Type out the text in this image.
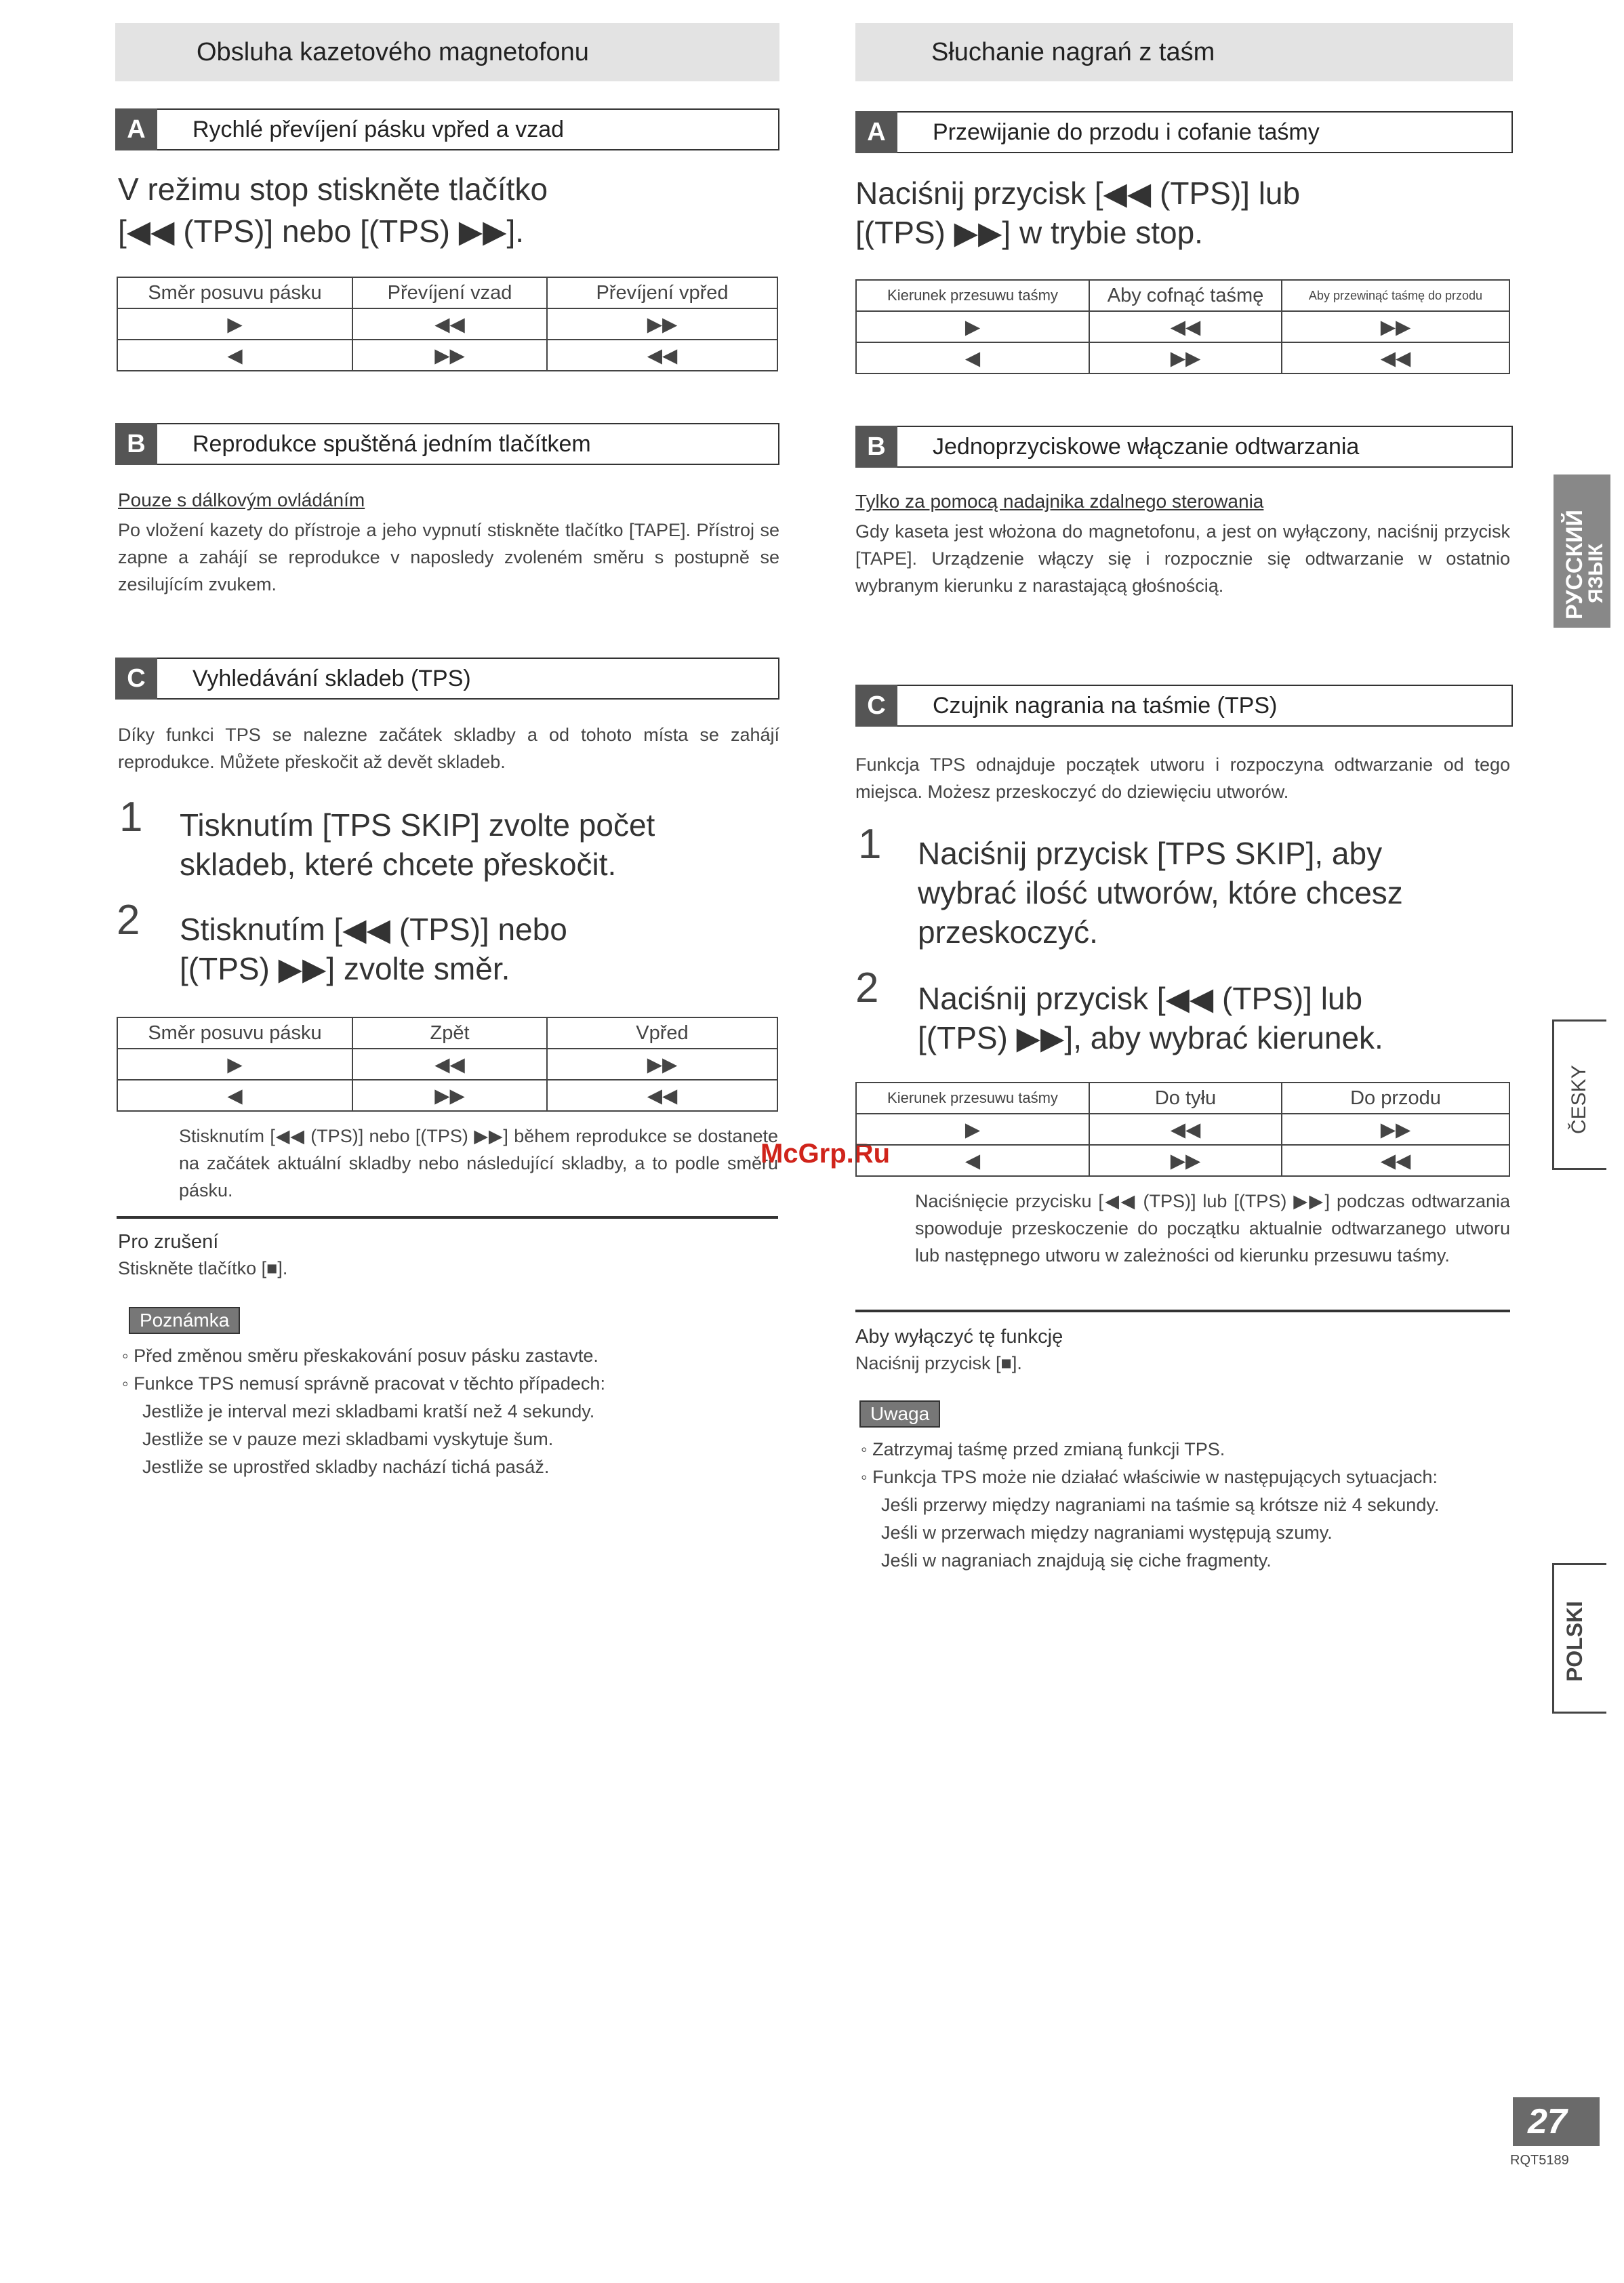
Obsluha kazetového magnetofonu
A	Rychlé převíjení pásku vpřed a vzad
V režimu stop stiskněte tlačítko
[◀◀ (TPS)] nebo [(TPS) ▶▶].
Směr posuvu pásku	Převíjení vzad	Převíjení vpřed
▶	◀◀	▶▶
◀	▶▶	◀◀
B	Reprodukce spuštěná jedním tlačítkem
Pouze s dálkovým ovládáním
Po vložení kazety do přístroje a jeho vypnutí stiskněte tlačítko [TAPE]. Přístroj se zapne a zahájí se reprodukce v naposledy zvoleném směru s postupně se zesilujícím zvukem.
C	Vyhledávání skladeb (TPS)
Díky funkci TPS se nalezne začátek skladby a od tohoto místa se zahájí reprodukce. Můžete přeskočit až devět skladeb.
1 Tisknutím [TPS SKIP] zvolte počet
skladeb, které chcete přeskočit.
2 Stisknutím [◀◀ (TPS)] nebo
[(TPS) ▶▶] zvolte směr.
Směr posuvu pásku	Zpět	Vpřed
▶	◀◀	▶▶
◀	▶▶	◀◀
Stisknutím [◀◀ (TPS)] nebo [(TPS) ▶▶] během reprodukce se dostanete na začátek aktuální skladby nebo následující skladby, a to podle směru pásku.
Pro zrušení
Stiskněte tlačítko [■].
Poznámka
◦ Před změnou směru přeskakování posuv pásku zastavte.
◦ Funkce TPS nemusí správně pracovat v těchto případech:
Jestliže je interval mezi skladbami kratší než 4 sekundy.
Jestliže se v pauze mezi skladbami vyskytuje šum.
Jestliže se uprostřed skladby nachází tichá pasáž.
McGrp.Ru
Słuchanie nagrań z taśm
A	Przewijanie do przodu i cofanie taśmy
Naciśnij przycisk [◀◀ (TPS)] lub
[(TPS) ▶▶] w trybie stop.
Kierunek przesuwu taśmy	Aby cofnąć taśmę	Aby przewinąć taśmę do przodu
▶	◀◀	▶▶
◀	▶▶	◀◀
B	Jednoprzyciskowe włączanie odtwarzania
Tylko za pomocą nadajnika zdalnego sterowania
Gdy kaseta jest włożona do magnetofonu, a jest on wyłączony, naciśnij przycisk [TAPE]. Urządzenie włączy się i rozpocznie się odtwarzanie w ostatnio wybranym kierunku z narastającą głośnością.
C	Czujnik nagrania na taśmie (TPS)
Funkcja TPS odnajduje początek utworu i rozpoczyna odtwarzanie od tego miejsca. Możesz przeskoczyć do dziewięciu utworów.
1 Naciśnij przycisk [TPS SKIP], aby
wybrać ilość utworów, które chcesz
przeskoczyć.
2 Naciśnij przycisk [◀◀ (TPS)] lub
[(TPS) ▶▶], aby wybrać kierunek.
Kierunek przesuwu taśmy	Do tyłu	Do przodu
▶	◀◀	▶▶
◀	▶▶	◀◀
Naciśnięcie przycisku [◀◀ (TPS)] lub [(TPS) ▶▶] podczas odtwarzania spowoduje przeskoczenie do początku aktualnie odtwarzanego utworu lub następnego utworu w zależności od kierunku przesuwu taśmy.
Aby wyłączyć tę funkcję
Naciśnij przycisk [■].
Uwaga
◦ Zatrzymaj taśmę przed zmianą funkcji TPS.
◦ Funkcja TPS może nie działać właściwie w następujących sytuacjach:
Jeśli przerwy między nagraniami na taśmie są krótsze niż 4 sekundy.
Jeśli w przerwach między nagraniami występują szumy.
Jeśli w nagraniach znajdują się ciche fragmenty.
РУССКИЙ
ЯЗЫК
ČESKY
POLSKI
27
RQT5189
